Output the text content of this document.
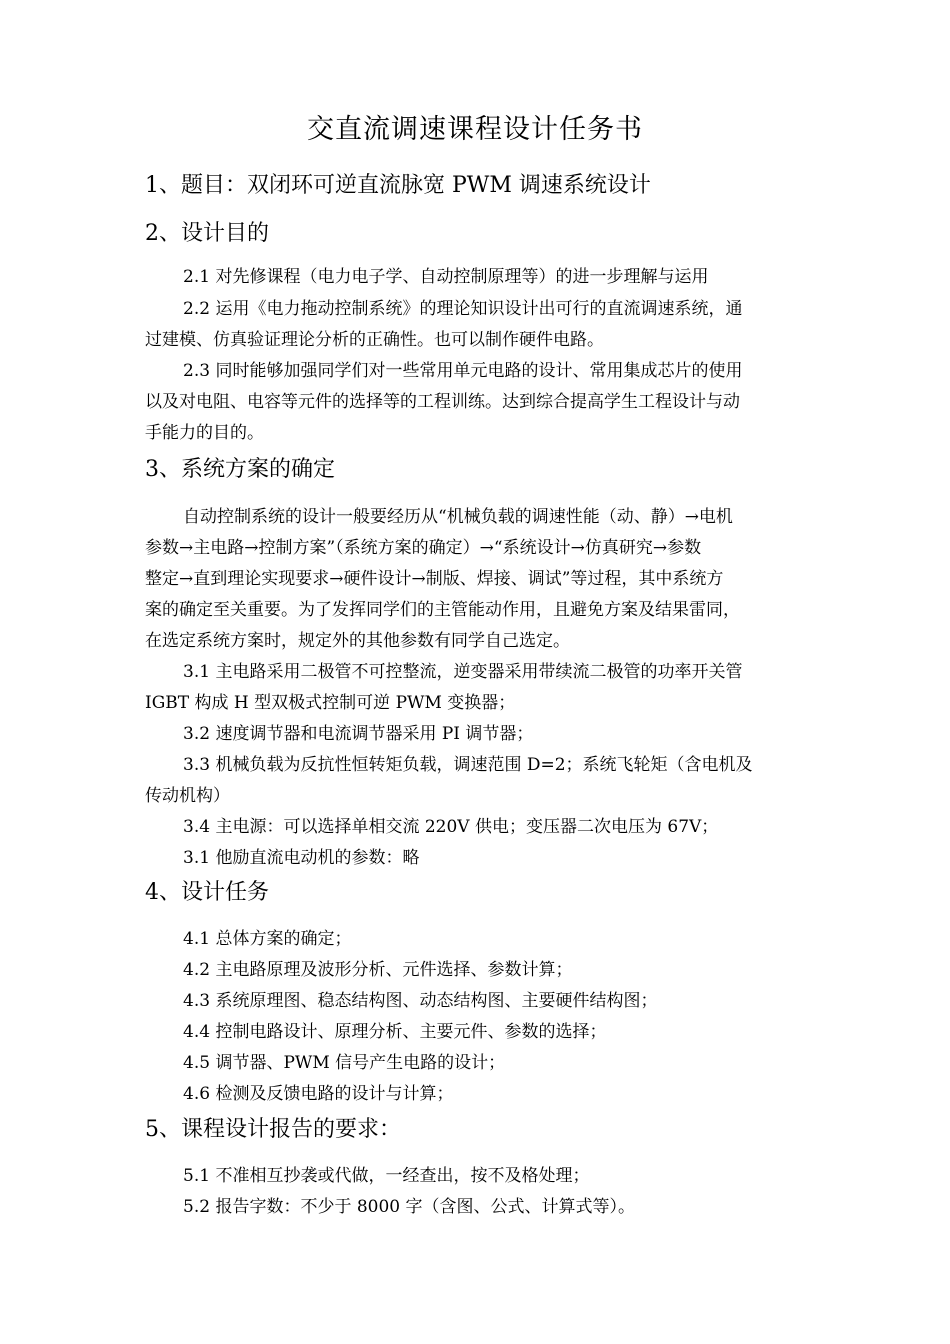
交直流调速课程设计任务书
1、题目：双闭环可逆直流脉宽 PWM 调速系统设计
2、设计目的
2.1 对先修课程（电力电子学、自动控制原理等）的进一步理解与运用
2.2 运用《电力拖动控制系统》的理论知识设计出可行的直流调速系统，通
过建模、仿真验证理论分析的正确性。也可以制作硬件电路。
2.3 同时能够加强同学们对一些常用单元电路的设计、常用集成芯片的使用
以及对电阻、电容等元件的选择等的工程训练。达到综合提高学生工程设计与动
手能力的目的。
3、系统方案的确定
自动控制系统的设计一般要经历从“机械负载的调速性能（动、静）→电机
参数→主电路→控制方案”（系统方案的确定）→“系统设计→仿真研究→参数
整定→直到理论实现要求→硬件设计→制版、焊接、调试”等过程，其中系统方
案的确定至关重要。为了发挥同学们的主管能动作用，且避免方案及结果雷同，
在选定系统方案时，规定外的其他参数有同学自己选定。
3.1 主电路采用二极管不可控整流，逆变器采用带续流二极管的功率开关管
IGBT 构成 H 型双极式控制可逆 PWM 变换器；
3.2 速度调节器和电流调节器采用 PI 调节器；
3.3 机械负载为反抗性恒转矩负载，调速范围 D=2；系统飞轮矩（含电机及
传动机构）
3.4 主电源：可以选择单相交流 220V 供电；变压器二次电压为 67V；
3.1 他励直流电动机的参数：略
4、设计任务
4.1 总体方案的确定；
4.2 主电路原理及波形分析、元件选择、参数计算；
4.3 系统原理图、稳态结构图、动态结构图、主要硬件结构图；
4.4 控制电路设计、原理分析、主要元件、参数的选择；
4.5 调节器、PWM 信号产生电路的设计；
4.6 检测及反馈电路的设计与计算；
5、课程设计报告的要求：
5.1 不准相互抄袭或代做，一经查出，按不及格处理；
5.2 报告字数：不少于 8000 字（含图、公式、计算式等）。
